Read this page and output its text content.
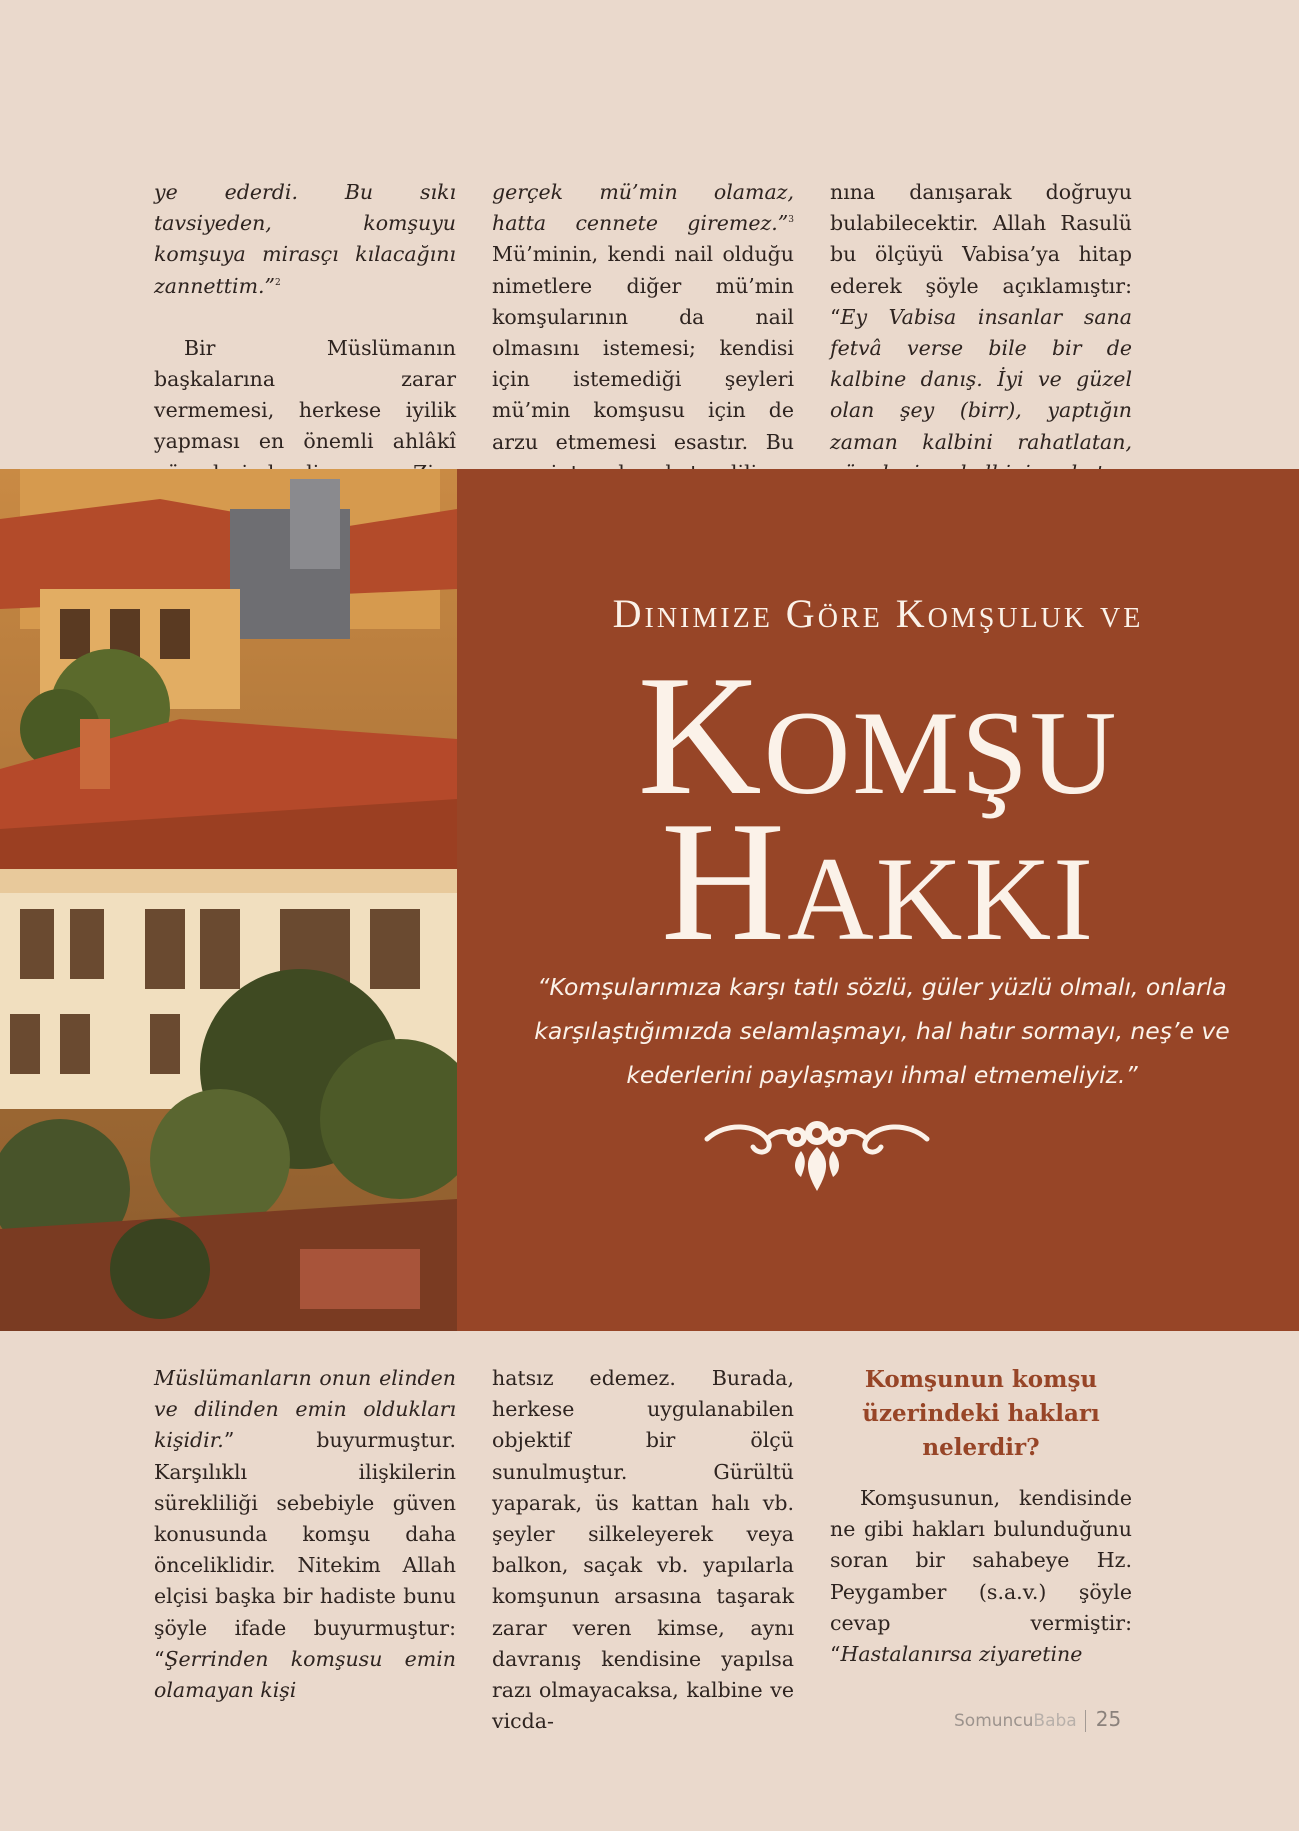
ye ederdi. Bu sıkı tavsiyeden, komşuyu komşuya mirasçı kılacağını zannettim.”$^2$

Bir Müslümanın başkalarına zarar vermemesi, herkese iyilik yapması en önemli ahlâkî

gerçek mü’min olamaz, hatta cennete giremez.”$^3$ Mü’minin, kendi nail olduğu nimetlere diğer mü’min komşularının da nail olmasını istemesi; kendisi için istemediği şeyleri mü’min komşusu için de arzu etmemesi esastır. Bu

nına danışarak doğruyu bulabilecektir. Allah Rasulü bu ölçüyü Vabisa’ya hitap ederek şöyle açıklamıştır: “Ey Vabisa insanlar sana fetvâ verse bile bir de kalbine danış. İyi ve güzel olan şey (birr), yaptığın zaman kalbini rahatlatan,

Dinimize Göre Komşuluk ve
Komşu
Hakkı
“Komşularımıza karşı tatlı sözlü, güler yüzlü olmalı, onlarla karşılaştığımızda selamlaşmayı, hal hatır sormayı, neş’e ve kederlerini paylaşmayı ihmal etmemeliyiz.”

Müslümanların onun elinden ve dilinden emin oldukları kişidir.” buyurmuştur. Karşılıklı ilişkilerin sürekliliği sebebiyle güven konusunda komşu daha önceliklidir. Nitekim Allah elçisi başka bir hadiste bunu şöyle ifade buyurmuştur: “Şerrinden komşusu emin olamayan kişi

hatsız edemez. Burada, herkese uygulanabilen objektif bir ölçü sunulmuştur. Gürültü yaparak, üs kattan halı vb. şeyler silkeleyerek veya balkon, saçak vb. yapılarla komşunun arsasına taşarak zarar veren kimse, aynı davranış kendisine yapılsa razı olmayacaksa, kalbine ve vicda-

Komşunun komşu üzerindeki hakları nelerdir?

Komşusunun, kendisinde ne gibi hakları bulunduğunu soran bir sahabeye Hz. Peygamber (s.a.v.) şöyle cevap vermiştir: “Hastalanırsa ziyaretine

SomuncuBaba 25
